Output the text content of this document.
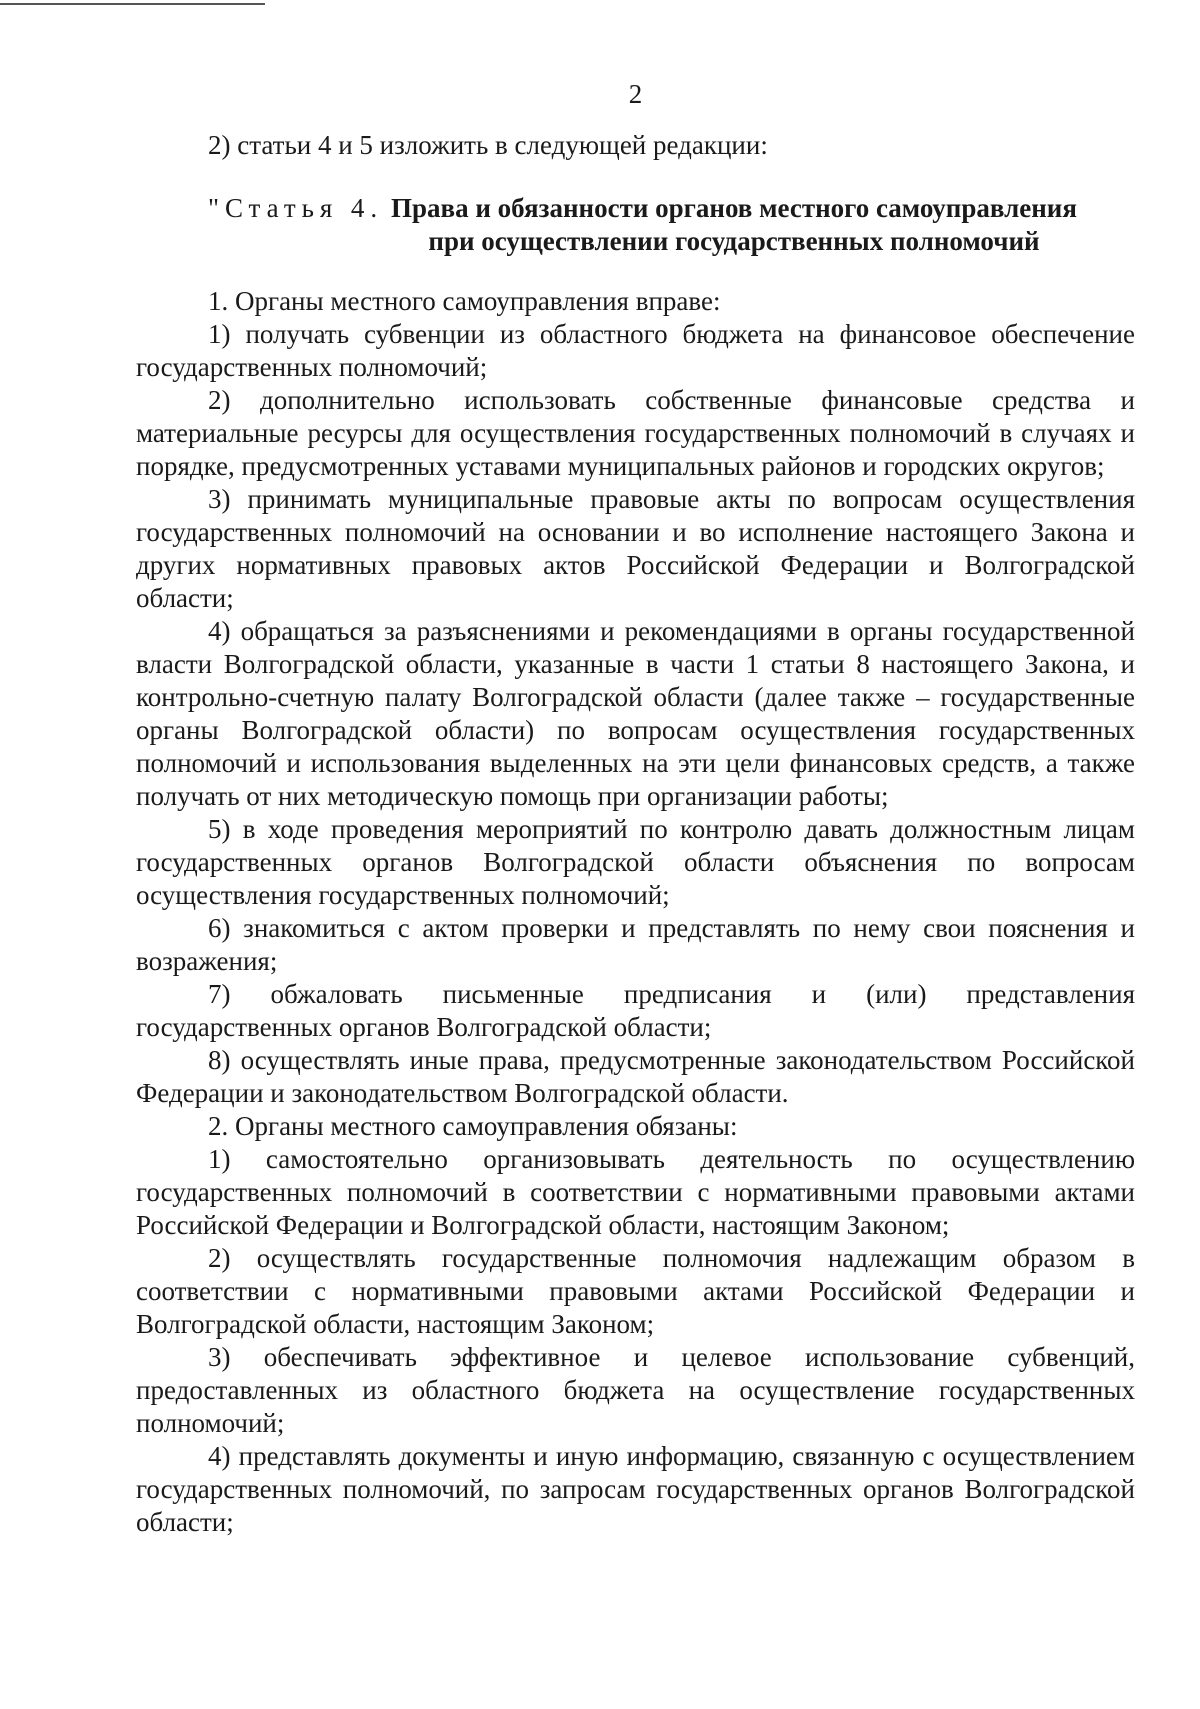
2

2) статьи 4 и 5 изложить в следующей редакции:

"Статья 4. Права и обязанности органов местного самоуправления
при осуществлении государственных полномочий

1. Органы местного самоуправления вправе:

1) получать субвенции из областного бюджета на финансовое обеспечение государственных полномочий;

2) дополнительно использовать собственные финансовые средства и материальные ресурсы для осуществления государственных полномочий в случаях и порядке, предусмотренных уставами муниципальных районов и городских округов;

3) принимать муниципальные правовые акты по вопросам осуществления государственных полномочий на основании и во исполнение настоящего Закона и других нормативных правовых актов Российской Федерации и Волгоградской области;

4) обращаться за разъяснениями и рекомендациями в органы государственной власти Волгоградской области, указанные в части 1 статьи 8 настоящего Закона, и контрольно-счетную палату Волгоградской области (далее также – государственные органы Волгоградской области) по вопросам осуществления государственных полномочий и использования выделенных на эти цели финансовых средств, а также получать от них методическую помощь при организации работы;

5) в ходе проведения мероприятий по контролю давать должностным лицам государственных органов Волгоградской области объяснения по вопросам осуществления государственных полномочий;

6) знакомиться с актом проверки и представлять по нему свои пояснения и возражения;

7) обжаловать письменные предписания и (или) представления государственных органов Волгоградской области;

8) осуществлять иные права, предусмотренные законодательством Российской Федерации и законодательством Волгоградской области.

2. Органы местного самоуправления обязаны:

1) самостоятельно организовывать деятельность по осуществлению государственных полномочий в соответствии с нормативными правовыми актами Российской Федерации и Волгоградской области, настоящим Законом;

2) осуществлять государственные полномочия надлежащим образом в соответствии с нормативными правовыми актами Российской Федерации и Волгоградской области, настоящим Законом;

3) обеспечивать эффективное и целевое использование субвенций, предоставленных из областного бюджета на осуществление государственных полномочий;

4) представлять документы и иную информацию, связанную с осуществлением государственных полномочий, по запросам государственных органов Волгоградской области;
